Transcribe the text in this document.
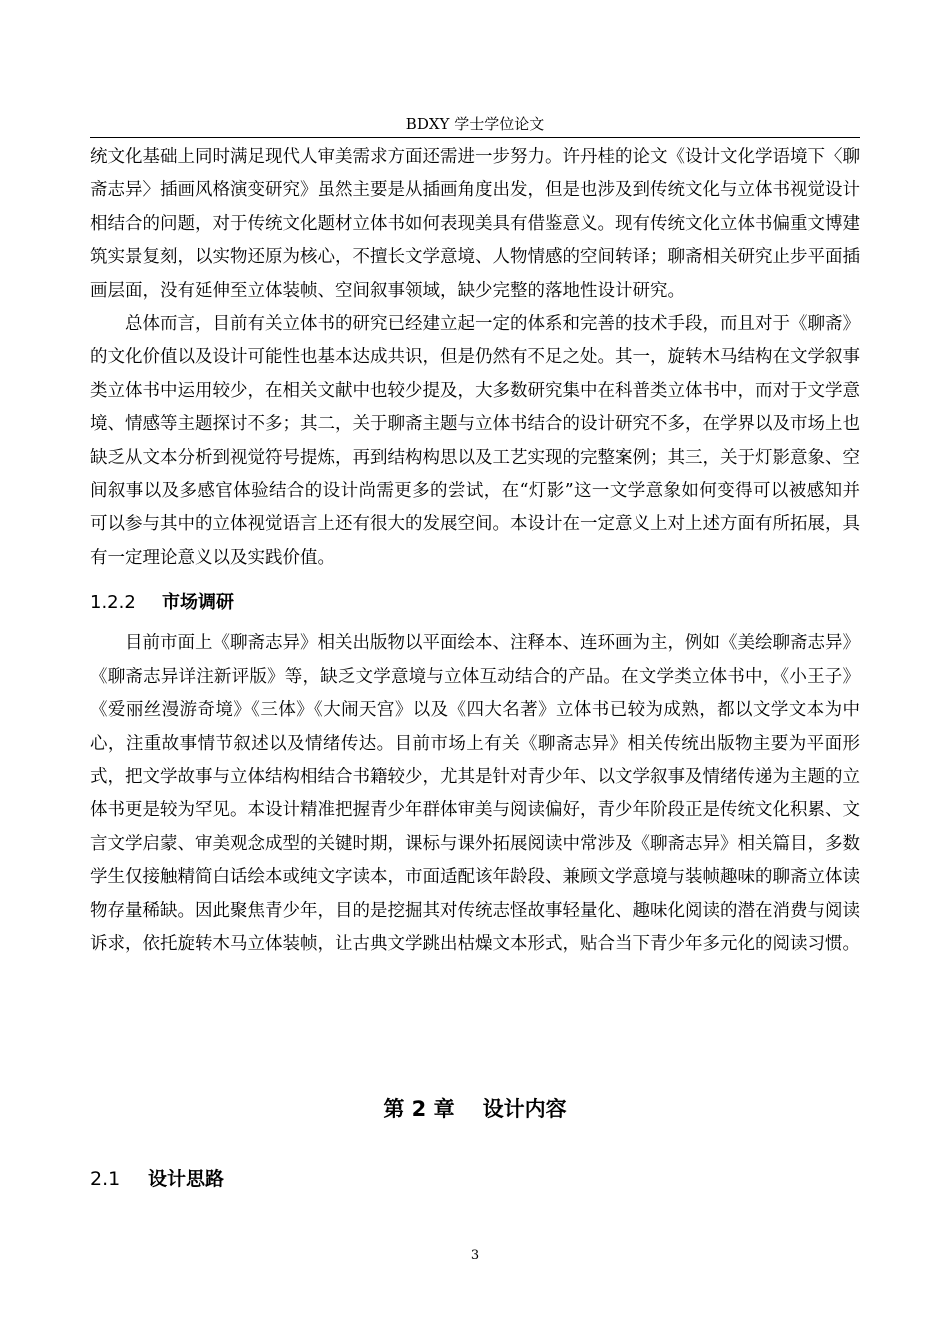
BDXY 学士学位论文

统文化基础上同时满足现代人审美需求方面还需进一步努力。许丹桂的论文《设计文化学语境下〈聊斋志异〉插画风格演变研究》虽然主要是从插画角度出发，但是也涉及到传统文化与立体书视觉设计相结合的问题，对于传统文化题材立体书如何表现美具有借鉴意义。现有传统文化立体书偏重文博建筑实景复刻，以实物还原为核心，不擅长文学意境、人物情感的空间转译；聊斋相关研究止步平面插画层面，没有延伸至立体装帧、空间叙事领域，缺少完整的落地性设计研究。

总体而言，目前有关立体书的研究已经建立起一定的体系和完善的技术手段，而且对于《聊斋》的文化价值以及设计可能性也基本达成共识，但是仍然有不足之处。其一，旋转木马结构在文学叙事类立体书中运用较少，在相关文献中也较少提及，大多数研究集中在科普类立体书中，而对于文学意境、情感等主题探讨不多；其二，关于聊斋主题与立体书结合的设计研究不多，在学界以及市场上也缺乏从文本分析到视觉符号提炼，再到结构构思以及工艺实现的完整案例；其三，关于灯影意象、空间叙事以及多感官体验结合的设计尚需更多的尝试，在“灯影”这一文学意象如何变得可以被感知并可以参与其中的立体视觉语言上还有很大的发展空间。本设计在一定意义上对上述方面有所拓展，具有一定理论意义以及实践价值。

1.2.2 市场调研

目前市面上《聊斋志异》相关出版物以平面绘本、注释本、连环画为主，例如《美绘聊斋志异》《聊斋志异详注新评版》等，缺乏文学意境与立体互动结合的产品。在文学类立体书中，《小王子》《爱丽丝漫游奇境》《三体》《大闹天宫》以及《四大名著》立体书已较为成熟，都以文学文本为中心，注重故事情节叙述以及情绪传达。目前市场上有关《聊斋志异》相关传统出版物主要为平面形式，把文学故事与立体结构相结合书籍较少，尤其是针对青少年、以文学叙事及情绪传递为主题的立体书更是较为罕见。本设计精准把握青少年群体审美与阅读偏好，青少年阶段正是传统文化积累、文言文学启蒙、审美观念成型的关键时期，课标与课外拓展阅读中常涉及《聊斋志异》相关篇目，多数学生仅接触精简白话绘本或纯文字读本，市面适配该年龄段、兼顾文学意境与装帧趣味的聊斋立体读物存量稀缺。因此聚焦青少年，目的是挖掘其对传统志怪故事轻量化、趣味化阅读的潜在消费与阅读诉求，依托旋转木马立体装帧，让古典文学跳出枯燥文本形式，贴合当下青少年多元化的阅读习惯。

第 2 章 设计内容
2.1 设计思路
3
